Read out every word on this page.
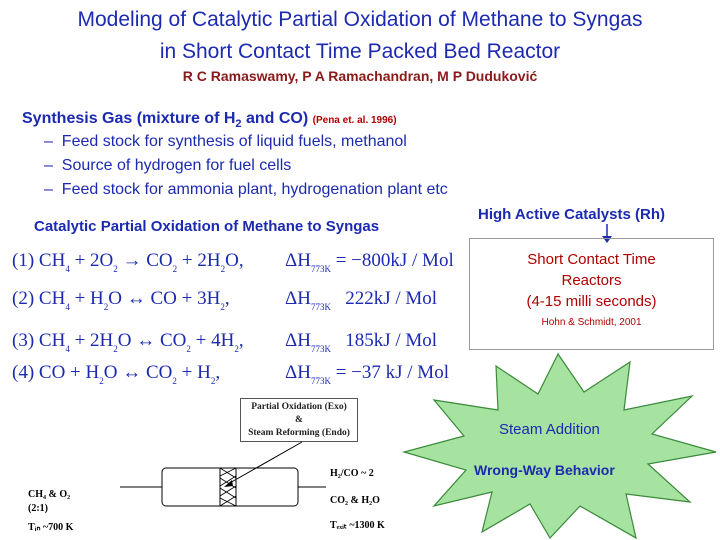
Modeling of Catalytic Partial Oxidation of Methane to Syngas
in Short Contact Time Packed Bed Reactor
R C Ramaswamy, P A Ramachandran, M P Duduković
Synthesis Gas (mixture of $H_2$ and CO) (Pena et. al. 1996)
– Feed stock for synthesis of liquid fuels, methanol
– Source of hydrogen for fuel cells
– Feed stock for ammonia plant, hydrogenation plant etc
Catalytic Partial Oxidation of Methane to Syngas
High Active Catalysts (Rh)
(1) $CH_4 + 2O_2 \to CO_2 + 2H_2O$, $\Delta H_{773K} = -800kJ$ / Mol
(2) $CH_4 + H_2O$ ↔ CO + $3H_2$,	$\Delta H_{773K}$ 222kJ / Mol
(3) $CH_4 + 2H_2O$ ↔ $CO_2 + 4H_2$, $\Delta H_{773K}$ 185kJ / Mol
(4) CO + $H_2O$ ↔ $CO_2 + H_2$,	$\Delta H_{773K} = -37$ kJ / Mol
Short Contact Time
Reactors
(4-15 milli seconds)
Hohn & Schmidt, 2001
Steam Addition
Wrong-Way Behavior
Partial Oxidation (Exo)
&
Steam Reforming (Endo)
CH₄ & O₂
(2:1)
Tᵢₙ ~700 K
H₂/CO ~ 2
CO₂ & H₂O
Tₑₓᵢₜ ~1300 K
